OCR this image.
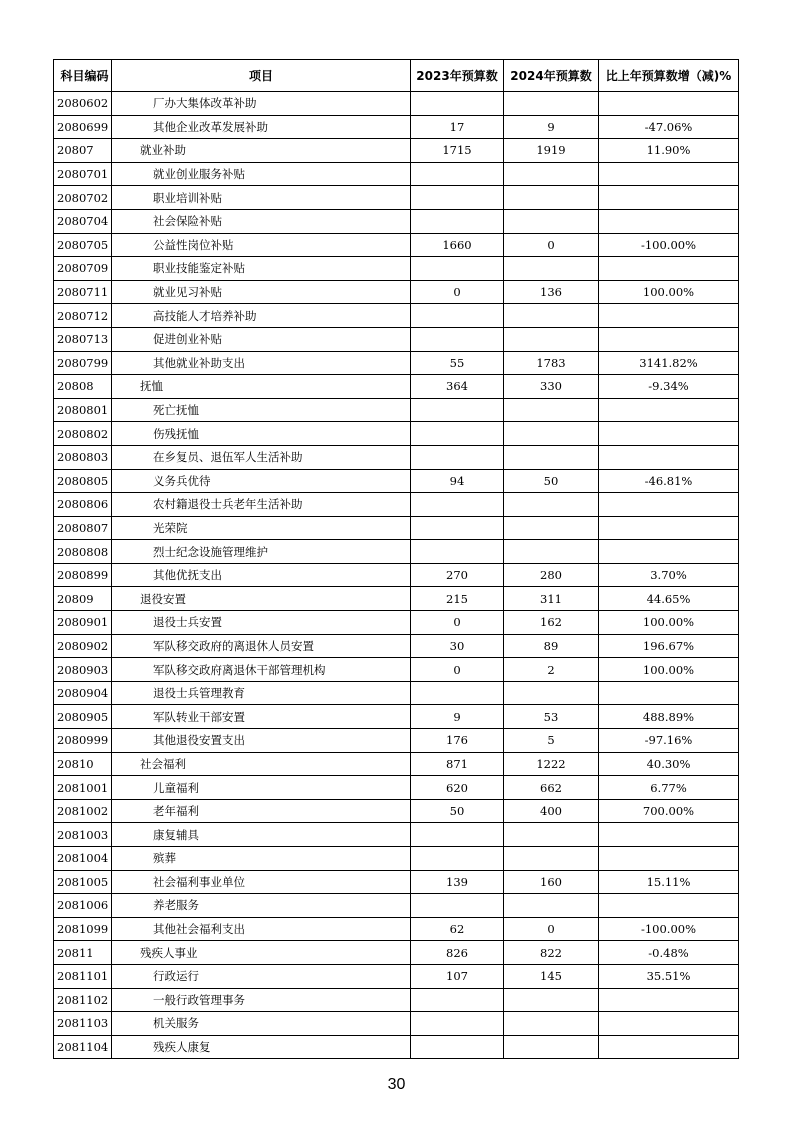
科目编码	项目	2023年预算数	2024年预算数	比上年预算数增（减)%
2080602	厂办大集体改革补助			
2080699	其他企业改革发展补助	17	9	-47.06%
20807	就业补助	1715	1919	11.90%
2080701	就业创业服务补贴			
2080702	职业培训补贴			
2080704	社会保险补贴			
2080705	公益性岗位补贴	1660	0	-100.00%
2080709	职业技能鉴定补贴			
2080711	就业见习补贴	0	136	100.00%
2080712	高技能人才培养补助			
2080713	促进创业补贴			
2080799	其他就业补助支出	55	1783	3141.82%
20808	抚恤	364	330	-9.34%
2080801	死亡抚恤			
2080802	伤残抚恤			
2080803	在乡复员、退伍军人生活补助			
2080805	义务兵优待	94	50	-46.81%
2080806	农村籍退役士兵老年生活补助			
2080807	光荣院			
2080808	烈士纪念设施管理维护			
2080899	其他优抚支出	270	280	3.70%
20809	退役安置	215	311	44.65%
2080901	退役士兵安置	0	162	100.00%
2080902	军队移交政府的离退休人员安置	30	89	196.67%
2080903	军队移交政府离退休干部管理机构	0	2	100.00%
2080904	退役士兵管理教育			
2080905	军队转业干部安置	9	53	488.89%
2080999	其他退役安置支出	176	5	-97.16%
20810	社会福利	871	1222	40.30%
2081001	儿童福利	620	662	6.77%
2081002	老年福利	50	400	700.00%
2081003	康复辅具			
2081004	殡葬			
2081005	社会福利事业单位	139	160	15.11%
2081006	养老服务			
2081099	其他社会福利支出	62	0	-100.00%
20811	残疾人事业	826	822	-0.48%
2081101	行政运行	107	145	35.51%
2081102	一般行政管理事务			
2081103	机关服务			
2081104	残疾人康复			
30
